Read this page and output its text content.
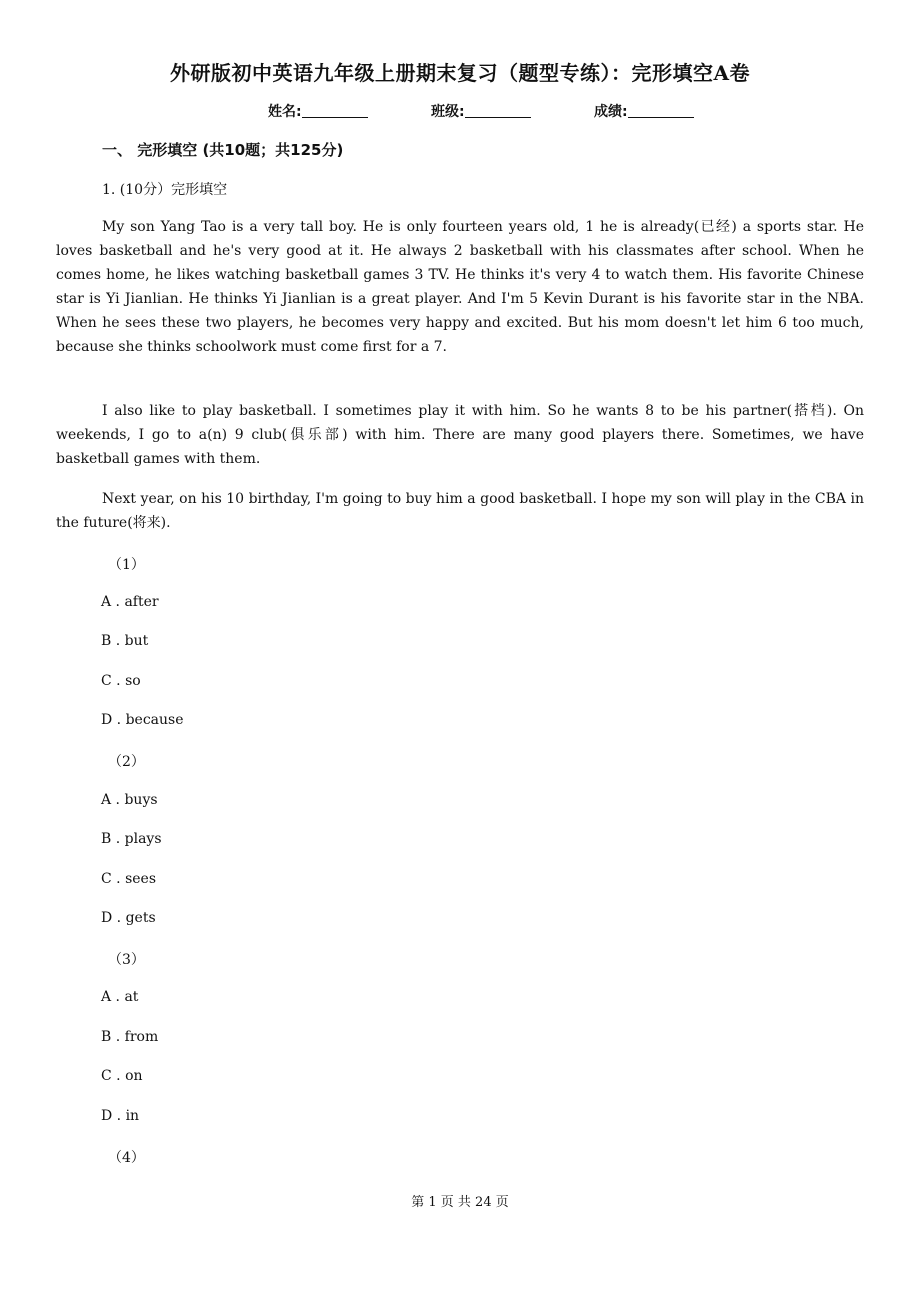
外研版初中英语九年级上册期末复习（题型专练）：完形填空A卷
姓名:	班级:	成绩:
一、 完形填空 (共10题；共125分)
1. (10分）完形填空

My son Yang Tao is a very tall boy. He is only fourteen years old, 1 he is already(已经) a sports star. He loves basketball and he's very good at it. He always 2 basketball with his classmates after school. When he comes home, he likes watching basketball games 3 TV. He thinks it's very 4 to watch them. His favorite Chinese star is Yi Jianlian. He thinks Yi Jianlian is a great player. And I'm 5 Kevin Durant is his favorite star in the NBA. When he sees these two players, he becomes very happy and excited. But his mom doesn't let him 6 too much, because she thinks schoolwork must come first for a 7.

I also like to play basketball. I sometimes play it with him. So he wants 8 to be his partner(搭档). On weekends, I go to a(n) 9 club(俱乐部) with him. There are many good players there. Sometimes, we have basketball games with them.

Next year, on his 10 birthday, I'm going to buy him a good basketball. I hope my son will play in the CBA in the future(将来).

（1）
A . after
B . but
C . so
D . because
（2）
A . buys
B . plays
C . sees
D . gets
（3）
A . at
B . from
C . on
D . in
（4）
第 1 页 共 24 页
